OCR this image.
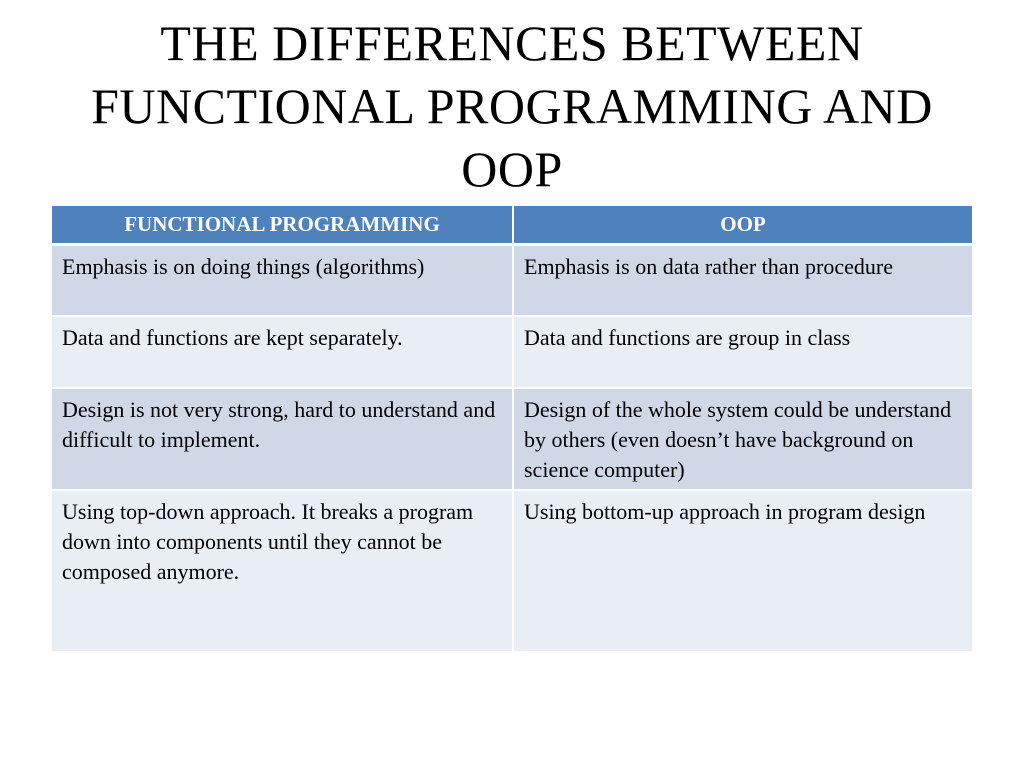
THE DIFFERENCES BETWEEN FUNCTIONAL PROGRAMMING AND OOP
FUNCTIONAL PROGRAMMING	OOP
Emphasis is on doing things (algorithms)	Emphasis is on data rather than procedure
Data and functions are kept separately.	Data and functions are group in class
Design is not very strong, hard to understand and difficult to implement.	Design of the whole system could be understand by others (even doesn’t have background on science computer)
Using top-down approach. It breaks a program down into components until they cannot be composed anymore.	Using bottom-up approach in program design
